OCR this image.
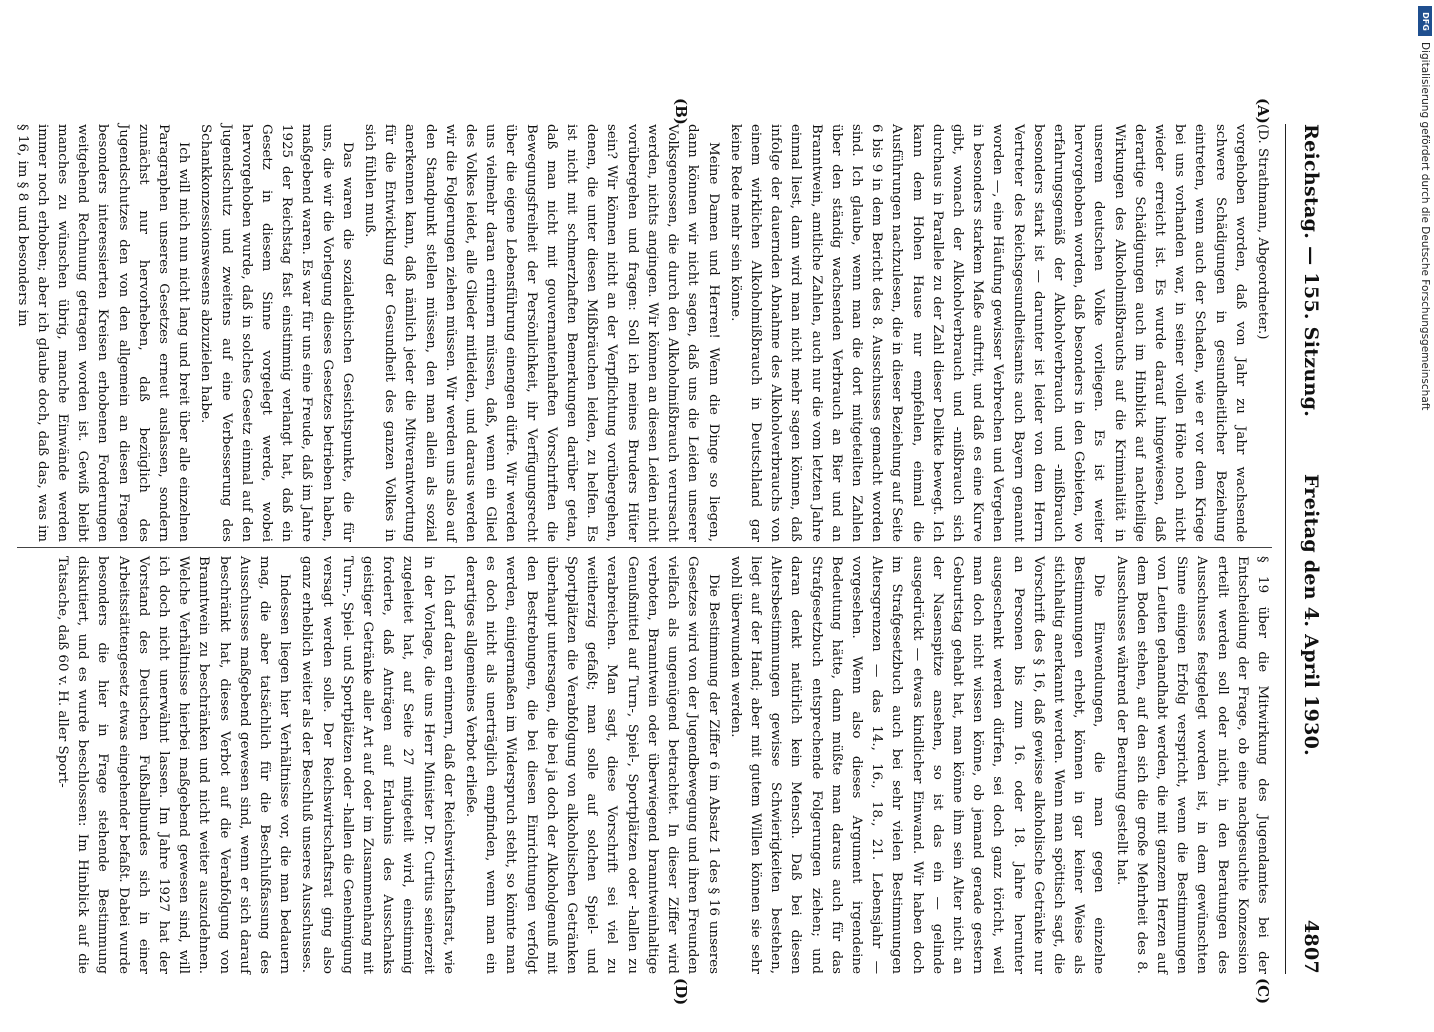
Reichstag. — 155. Sitzung.
Freitag den 4. April 1930.  4807
(A)
(B)
(C)
(D)

(D. Strathmann, Abgeordneter.)

vorgehoben worden, daß von Jahr zu Jahr wachsende schwere Schädigungen in gesundheitlicher Beziehung eintreten, wenn auch der Schaden, wie er vor dem Kriege bei uns vorhanden war, in seiner vollen Höhe noch nicht wieder erreicht ist. Es wurde darauf hingewiesen, daß derartige Schädigungen auch im Hinblick auf nachteilige Wirkungen des Alkoholmißbrauchs auf die Kriminalität in unserem deutschen Volke vorliegen. Es ist weiter hervorgehoben worden, daß besonders in den Gebieten, wo erfahrungsgemäß der Alkoholverbrauch und -mißbrauch besonders stark ist — darunter ist leider von dem Herrn Vertreter des Reichsgesundheitsamts auch Bayern genannt worden —, eine Häufung gewisser Verbrechen und Vergehen in besonders starkem Maße auftritt, und daß es eine Kurve gibt, wonach der Alkoholverbrauch und -mißbrauch sich durchaus in Parallele zu der Zahl dieser Delikte bewegt. Ich kann dem Hohen Hause nur empfehlen, einmal die Ausführungen nachzulesen, die in dieser Beziehung auf Seite 6 bis 9 in dem Bericht des 8. Ausschusses gemacht worden sind. Ich glaube, wenn man die dort mitgeteilten Zahlen über den ständig wachsenden Verbrauch an Bier und an Branntwein, amtliche Zahlen, auch nur die vom letzten Jahre einmal liest, dann wird man nicht mehr sagen können, daß infolge der dauernden Abnahme des Alkoholverbrauchs von einem wirklichen Alkoholmißbrauch in Deutschland gar keine Rede mehr sein könne.

Meine Damen und Herren! Wenn die Dinge so liegen, dann können wir nicht sagen, daß uns die Leiden unserer Volksgenossen, die durch den Alkoholmißbrauch verursacht werden, nichts angingen. Wir können an diesen Leiden nicht vorübergehen und fragen: Soll ich meines Bruders Hüter sein? Wir können nicht an der Verpflichtung vorübergehen, denen, die unter diesen Mißbräuchen leiden, zu helfen. Es ist nicht mit schmerzhaften Bemerkungen darüber getan, daß man nicht mit gouvernantenhaften Vorschriften die Bewegungsfreiheit der Persönlichkeit, ihr Verfügungsrecht über die eigene Lebensführung einengen dürfe. Wir werden uns vielmehr daran erinnern müssen, daß, wenn ein Glied des Volkes leidet, alle Glieder mitleiden, und daraus werden wir die Folgerungen ziehen müssen. Wir werden uns also auf den Standpunkt stellen müssen, den man allein als sozial anerkennen kann, daß nämlich jeder die Mitverantwortung für die Entwicklung der Gesundheit des ganzen Volkes in sich fühlen muß.

Das waren die sozialethischen Gesichtspunkte, die für uns, die wir die Vorlegung dieses Gesetzes betrieben haben, maßgebend waren. Es war für uns eine Freude, daß im Jahre 1925 der Reichstag fast einstimmig verlangt hat, daß ein Gesetz in diesem Sinne vorgelegt werde, wobei hervorgehoben wurde, daß in solches Gesetz einmal auf den Jugendschutz und zweitens auf eine Verbesserung des Schankkonzessionswesens abzuzielen habe.

Ich will mich nun nicht lang und breit über alle einzelnen Paragraphen unseres Gesetzes erneut auslassen, sondern zunächst nur hervorheben, daß bezüglich des Jugendschutzes den von den allgemein an diesen Fragen besonders interessierten Kreisen erhobenen Forderungen weitgehend Rechnung getragen worden ist. Gewiß bleibt manches zu wünschen übrig, manche Einwände werden immer noch erhoben; aber ich glaube doch, daß das, was im § 16, im § 8 und besonders im

§ 19 über die Mitwirkung des Jugendamtes bei der Entscheidung der Frage, ob eine nachgesuchte Konzession erteilt werden soll oder nicht, in den Beratungen des Ausschusses festgelegt worden ist, in dem gewünschten Sinne einigen Erfolg verspricht, wenn die Bestimmungen von Leuten gehandhabt werden, die mit ganzem Herzen auf dem Boden stehen, auf den sich die große Mehrheit des 8. Ausschusses während der Beratung gestellt hat.

Die Einwendungen, die man gegen einzelne Bestimmungen erhebt, können in gar keiner Weise als stichhaltig anerkannt werden. Wenn man spöttisch sagt, die Vorschrift des § 16, daß gewisse alkoholische Getränke nur an Personen bis zum 16. oder 18. Jahre herunter ausgeschenkt werden dürfen, sei doch ganz töricht, weil man doch nicht wissen könne, ob jemand gerade gestern Geburtstag gehabt hat, man könne ihm sein Alter nicht an der Nasenspitze ansehen, so ist das ein — gelinde ausgedrückt — etwas kindlicher Einwand. Wir haben doch im Strafgesetzbuch auch bei sehr vielen Bestimmungen Altersgrenzen — das 14., 16., 18., 21. Lebensjahr — vorgesehen. Wenn also dieses Argument irgendeine Bedeutung hätte, dann müßte man daraus auch für das Strafgesetzbuch entsprechende Folgerungen ziehen; und daran denkt natürlich kein Mensch. Daß bei diesen Altersbestimmungen gewisse Schwierigkeiten bestehen, liegt auf der Hand; aber mit gutem Willen können sie sehr wohl überwunden werden.

Die Bestimmung der Ziffer 6 im Absatz 1 des § 16 unseres Gesetzes wird von der Jugendbewegung und ihren Freunden vielfach als ungenügend betrachtet. In dieser Ziffer wird verboten, Branntwein oder überwiegend branntweinhaltige Genußmittel auf Turn-, Spiel-, Sportplätzen oder -hallen zu verabreichen. Man sagt, diese Vorschrift sei viel zu weitherzig gefaßt; man solle auf solchen Spiel- und Sportplätzen die Verabfolgung von alkoholischen Getränken überhaupt untersagen, die bei ja doch der Alkoholgenuß mit den Bestrebungen, die bei diesen Einrichtungen verfolgt werden, einigermaßen im Widerspruch steht, so könnte man es doch nicht als unerträglich empfinden, wenn man ein derartiges allgemeines Verbot erließe.

Ich darf daran erinnern, daß der Reichswirtschaftsrat, wie in der Vorlage, die uns Herr Minister Dr. Curtius seinerzeit zugeleitet hat, auf Seite 27 mitgeteilt wird, einstimmig forderte, daß Anträgen auf Erlaubnis des Ausschanks geistiger Getränke aller Art auf oder im Zusammenhang mit Turn-, Spiel- und Sportplätzen oder -hallen die Genehmigung versagt werden solle. Der Reichswirtschaftsrat ging also ganz erheblich weiter als der Beschluß unseres Ausschusses.

Indessen liegen hier Verhältnisse vor, die man bedauern mag, die aber tatsächlich für die Beschlußfassung des Ausschusses maßgebend gewesen sind, wenn er sich darauf beschränkt hat, dieses Verbot auf die Verabfolgung von Branntwein zu beschränken und nicht weiter auszudehnen. Welche Verhältnisse hierbei maßgebend gewesen sind, will ich doch nicht unerwähnt lassen. Im Jahre 1927 hat der Vorstand des Deutschen Fußballbundes sich in einer Arbeitsstättengesetz etwas eingehender befaßt. Dabei wurde besonders die hier in Frage stehende Bestimmung diskutiert, und es wurde beschlossen: Im Hinblick auf die Tatsache, daß 60 v. H. aller Sport-

DFG
Digitalisierung gefördert durch die Deutsche Forschungsgemeinschaft
